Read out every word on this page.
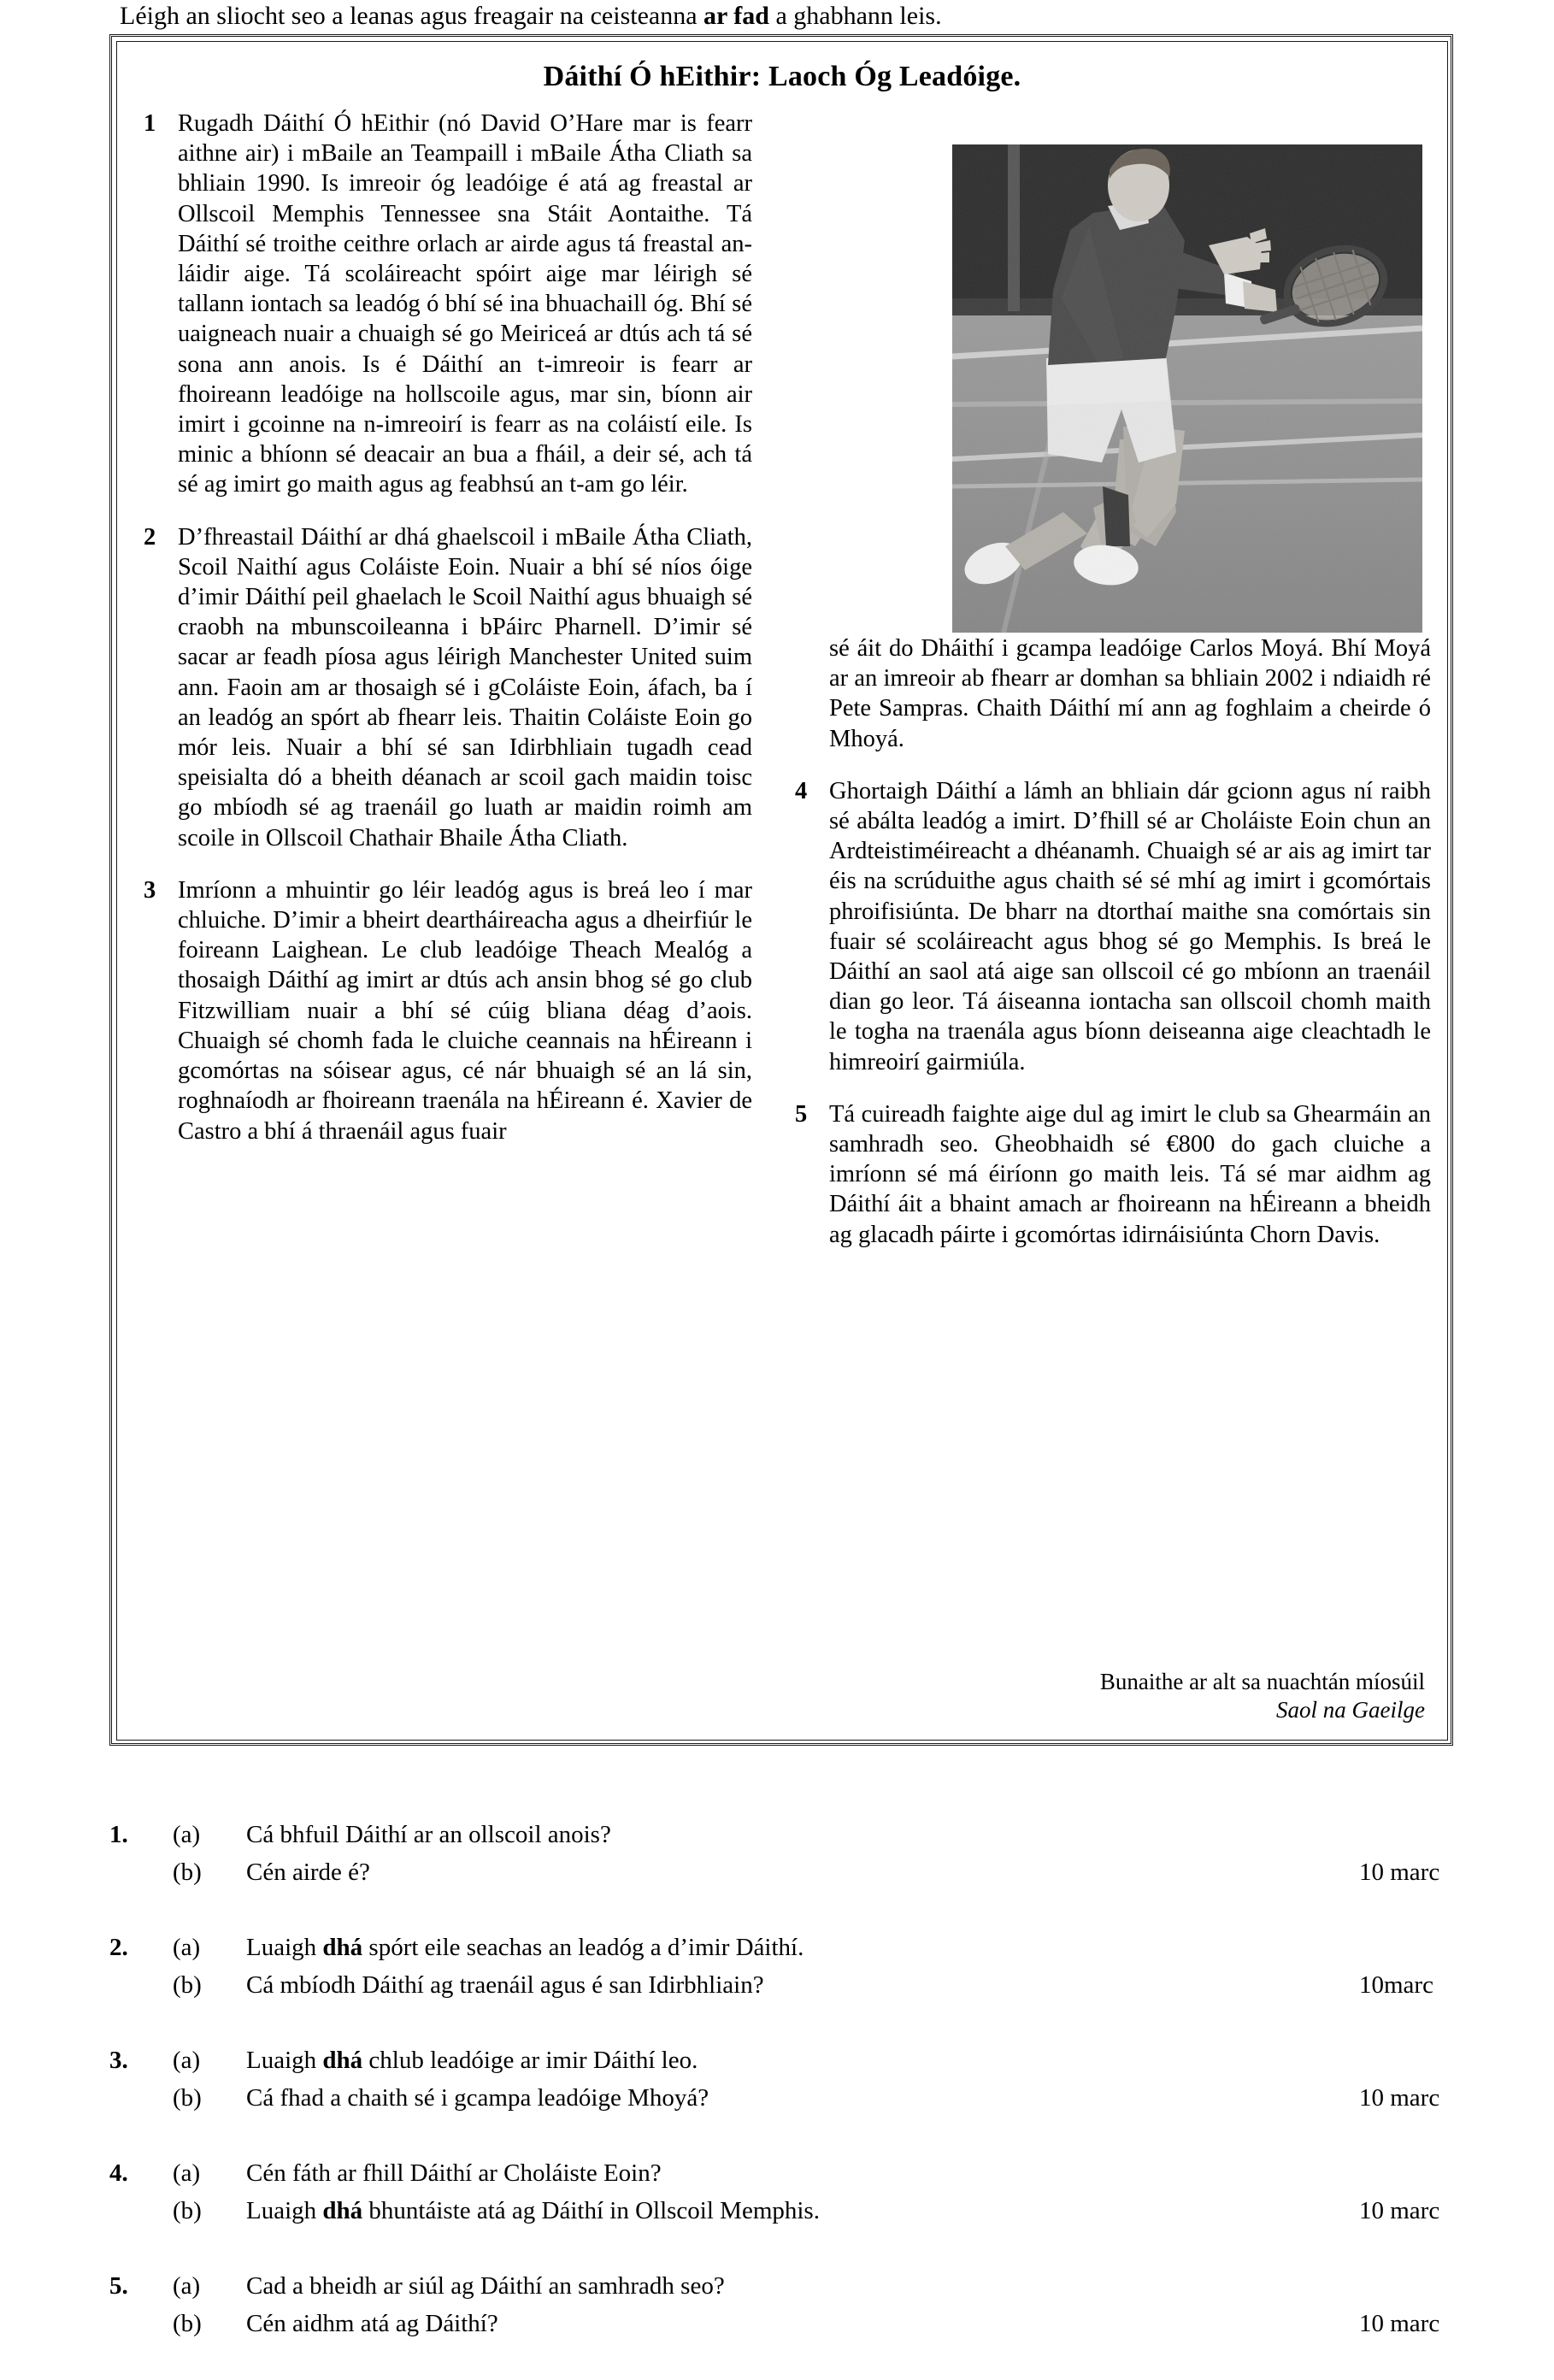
Léigh an sliocht seo a leanas agus freagair na ceisteanna ar fad a ghabhann leis.
Dáithí Ó hEithir: Laoch Óg Leadóige.
1 Rugadh Dáithí Ó hEithir (nó David O’Hare mar is fearr aithne air) i mBaile an Teampaill i mBaile Átha Cliath sa bhliain 1990. Is imreoir óg leadóige é atá ag freastal ar Ollscoil Memphis Tennessee sna Stáit Aontaithe. Tá Dáithí sé troithe ceithre orlach ar airde agus tá freastal an-láidir aige. Tá scoláireacht spóirt aige mar léirigh sé tallann iontach sa leadóg ó bhí sé ina bhuachaill óg. Bhí sé uaigneach nuair a chuaigh sé go Meiriceá ar dtús ach tá sé sona ann anois. Is é Dáithí an t-imreoir is fearr ar fhoireann leadóige na hollscoile agus, mar sin, bíonn air imirt i gcoinne na n-imreoirí is fearr as na coláistí eile. Is minic a bhíonn sé deacair an bua a fháil, a deir sé, ach tá sé ag imirt go maith agus ag feabhsú an t-am go léir.
2 D’fhreastail Dáithí ar dhá ghaelscoil i mBaile Átha Cliath, Scoil Naithí agus Coláiste Eoin. Nuair a bhí sé níos óige d’imir Dáithí peil ghaelach le Scoil Naithí agus bhuaigh sé craobh na mbunscoileanna i bPáirc Pharnell. D’imir sé sacar ar feadh píosa agus léirigh Manchester United suim ann. Faoin am ar thosaigh sé i gColáiste Eoin, áfach, ba í an leadóg an spórt ab fhearr leis. Thaitin Coláiste Eoin go mór leis. Nuair a bhí sé san Idirbhliain tugadh cead speisialta dó a bheith déanach ar scoil gach maidin toisc go mbíodh sé ag traenáil go luath ar maidin roimh am scoile in Ollscoil Chathair Bhaile Átha Cliath.
3 Imríonn a mhuintir go léir leadóg agus is breá leo í mar chluiche. D’imir a bheirt deartháireacha agus a dheirfiúr le foireann Laighean. Le club leadóige Theach Mealóg a thosaigh Dáithí ag imirt ar dtús ach ansin bhog sé go club Fitzwilliam nuair a bhí sé cúig bliana déag d’aois. Chuaigh sé chomh fada le cluiche ceannais na hÉireann i gcomórtas na sóisear agus, cé nár bhuaigh sé an lá sin, roghnaíodh ar fhoireann traenála na hÉireann é. Xavier de Castro a bhí á thraenáil agus fuair
sé áit do Dháithí i gcampa leadóige Carlos Moyá. Bhí Moyá ar an imreoir ab fhearr ar domhan sa bhliain 2002 i ndiaidh ré Pete Sampras. Chaith Dáithí mí ann ag foghlaim a cheirde ó Mhoyá.
4 Ghortaigh Dáithí a lámh an bhliain dár gcionn agus ní raibh sé abálta leadóg a imirt. D’fhill sé ar Choláiste Eoin chun an Ardteistiméireacht a dhéanamh. Chuaigh sé ar ais ag imirt tar éis na scrúduithe agus chaith sé sé mhí ag imirt i gcomórtais phroifisiúnta. De bharr na dtorthaí maithe sna comórtais sin fuair sé scoláireacht agus bhog sé go Memphis. Is breá le Dáithí an saol atá aige san ollscoil cé go mbíonn an traenáil dian go leor. Tá áiseanna iontacha san ollscoil chomh maith le togha na traenála agus bíonn deiseanna aige cleachtadh le himreoirí gairmiúla.
5 Tá cuireadh faighte aige dul ag imirt le club sa Ghearmáin an samhradh seo. Gheobhaidh sé €800 do gach cluiche a imríonn sé má éiríonn go maith leis. Tá sé mar aidhm ag Dáithí áit a bhaint amach ar fhoireann na hÉireann a bheidh ag glacadh páirte i gcomórtas idirnáisiúnta Chorn Davis.
Bunaithe ar alt sa nuachtán míosúil
Saol na Gaeilge
1. (a) Cá bhfuil Dáithí ar an ollscoil anois?
(b) Cén airde é?	10 marc
2. (a) Luaigh dhá spórt eile seachas an leadóg a d’imir Dáithí.
(b) Cá mbíodh Dáithí ag traenáil agus é san Idirbhliain?	10marc
3. (a) Luaigh dhá chlub leadóige ar imir Dáithí leo.
(b) Cá fhad a chaith sé i gcampa leadóige Mhoyá?	10 marc
4. (a) Cén fáth ar fhill Dáithí ar Choláiste Eoin?
(b) Luaigh dhá bhuntáiste atá ag Dáithí in Ollscoil Memphis.	10 marc
5. (a) Cad a bheidh ar siúl ag Dáithí an samhradh seo?
(b) Cén aidhm atá ag Dáithí?	10 marc
